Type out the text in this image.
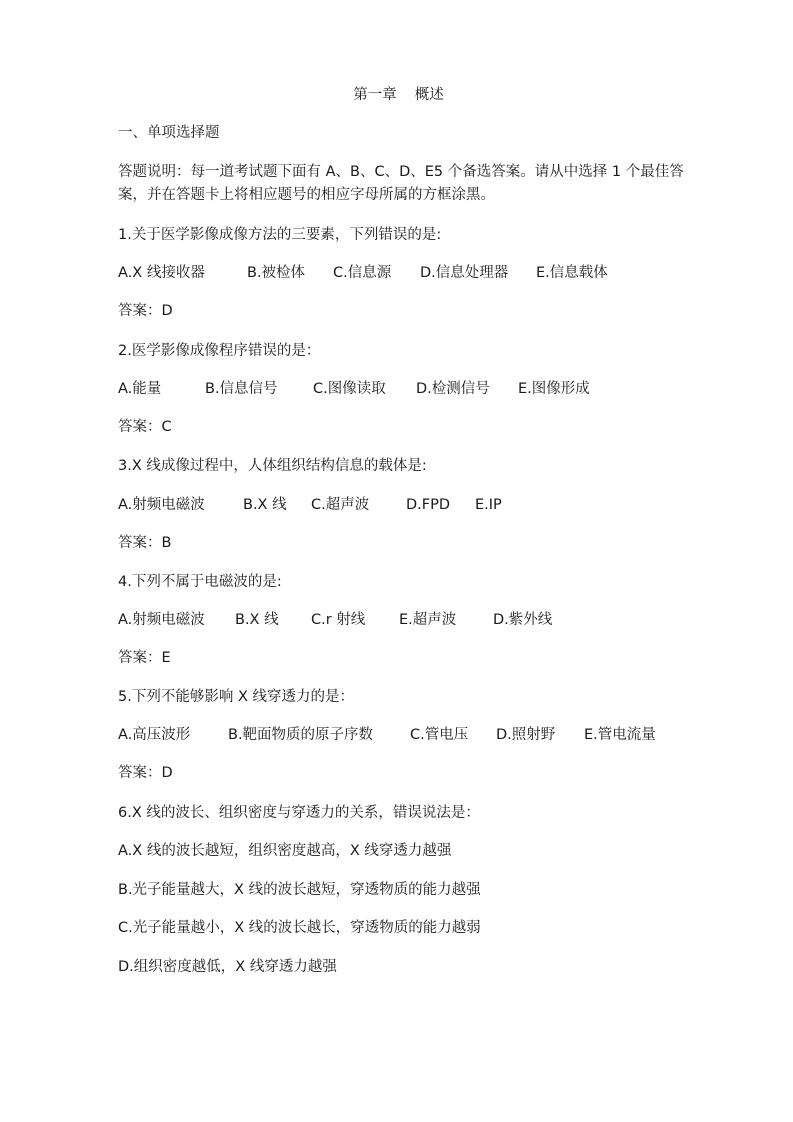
第一章 概述
一、单项选择题
答题说明：每一道考试题下面有 A、B、C、D、E5 个备选答案。请从中选择 1 个最佳答
案，并在答题卡上将相应题号的相应字母所属的方框涂黑。
1.关于医学影像成像方法的三要素，下列错误的是:
A.X 线接收器	B.被检体 C.信息源 D.信息处理器 E.信息载体
答案：D
2.医学影像成像程序错误的是：
A.能量	B.信息信号 C.图像读取 D.检测信号 E.图像形成
答案：C
3.X 线成像过程中，人体组织结构信息的载体是:
A.射频电磁波	B.X 线 C.超声波	D.FPD E.IP
答案：B
4.下列不属于电磁波的是:
A.射频电磁波 B.X 线 C.r 射线 E.超声波	D.紫外线
答案：E
5.下列不能够影响 X 线穿透力的是：
A.高压波形	B.靶面物质的原子序数	C.管电压 D.照射野 E.管电流量
答案：D
6.X 线的波长、组织密度与穿透力的关系，错误说法是：
A.X 线的波长越短，组织密度越高，X 线穿透力越强
B.光子能量越大，X 线的波长越短，穿透物质的能力越强
C.光子能量越小，X 线的波长越长，穿透物质的能力越弱
D.组织密度越低，X 线穿透力越强
